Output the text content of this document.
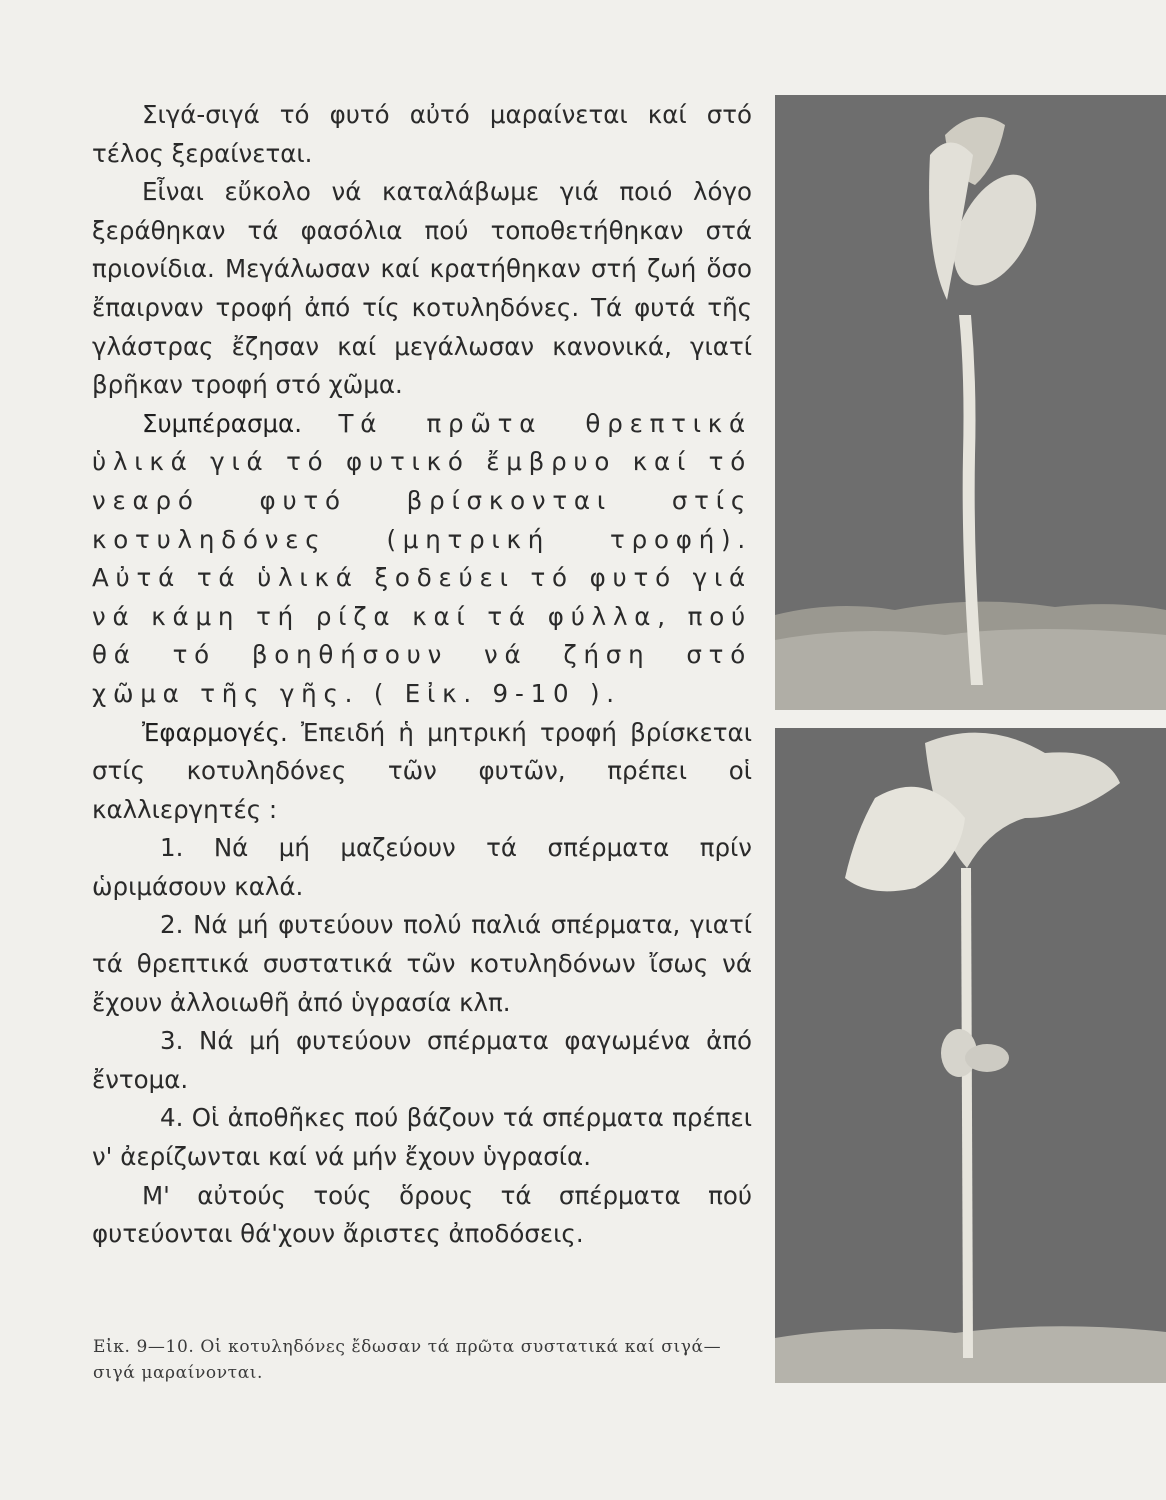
Σιγά-σιγά τό φυτό αὐτό μαραίνεται καί στό τέλος ξεραίνεται.

Εἶναι εὔκολο νά καταλάβωμε γιά ποιό λόγο ξεράθηκαν τά φασόλια πού τοποθετήθηκαν στά πριονίδια. Μεγάλωσαν καί κρατήθηκαν στή ζωή ὅσο ἔπαιρναν τροφή ἀπό τίς κοτυληδόνες. Τά φυτά τῆς γλάστρας ἔζησαν καί μεγάλωσαν κανονικά, γιατί βρῆκαν τροφή στό χῶμα.

Συμπέρασμα. Τά πρῶτα θρεπτικά ὑλικά γιά τό φυτικό ἔμβρυο καί τό νεαρό φυτό βρίσκονται στίς κοτυληδόνες (μητρική τροφή). Αὐτά τά ὑλικά ξοδεύει τό φυτό γιά νά κάμη τή ρίζα καί τά φύλλα, πού θά τό βοηθήσουν νά ζήση στό χῶμα τῆς γῆς. ( Εἰκ. 9-10 ).

Ἐφαρμογές. Ἐπειδή ἡ μητρική τροφή βρίσκεται στίς κοτυληδόνες τῶν φυτῶν, πρέπει οἱ καλλιεργητές :

1. Νά μή μαζεύουν τά σπέρματα πρίν ὡριμάσουν καλά.

2. Νά μή φυτεύουν πολύ παλιά σπέρματα, γιατί τά θρεπτικά συστατικά τῶν κοτυληδόνων ἴσως νά ἔχουν ἀλλοιωθῆ ἀπό ὑγρασία κλπ.

3. Νά μή φυτεύουν σπέρματα φαγωμένα ἀπό ἔντομα.

4. Οἱ ἀποθῆκες πού βάζουν τά σπέρματα πρέπει ν' ἀερίζωνται καί νά μήν ἔχουν ὑγρασία.

Μ' αὐτούς τούς ὅρους τά σπέρματα πού φυτεύονται θά'χουν ἄριστες ἀποδόσεις.

Εἰκ. 9—10. Οἱ κοτυληδόνες ἔδωσαν τά πρῶτα συστατικά καί σιγά—σιγά μαραίνονται.
